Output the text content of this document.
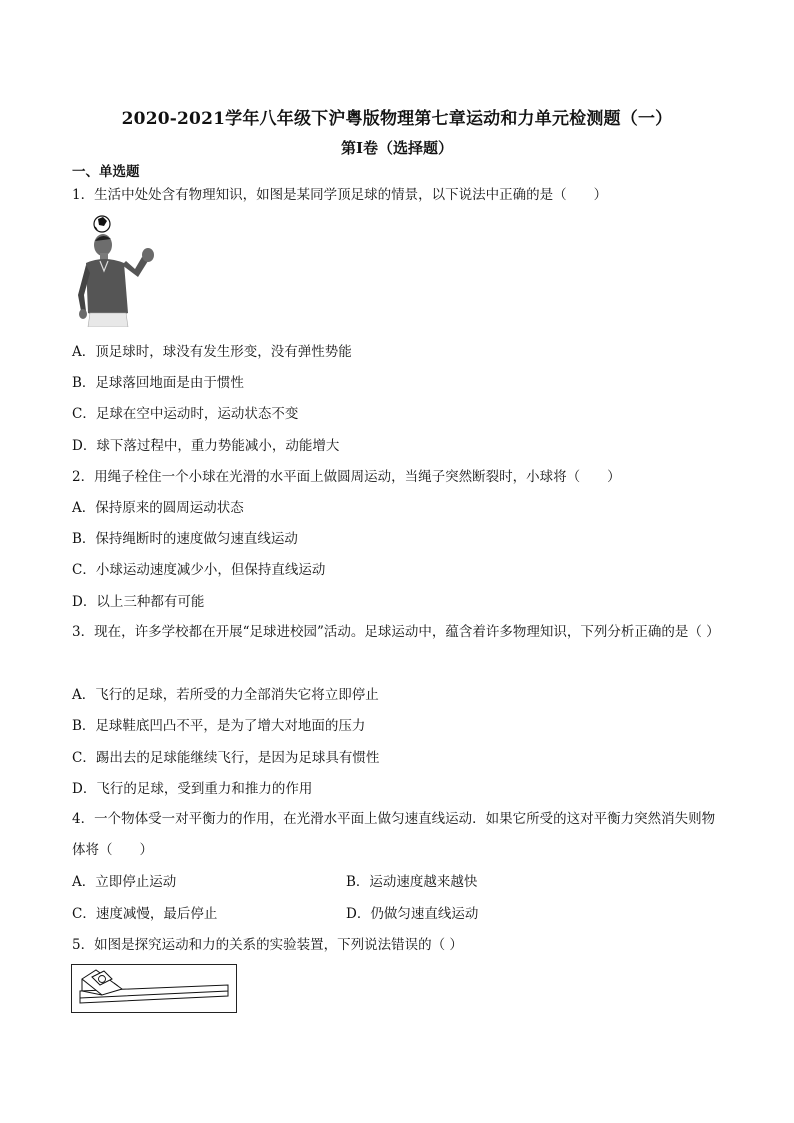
2020-2021学年八年级下沪粤版物理第七章运动和力单元检测题（一）
第I卷（选择题）
一、单选题
1．生活中处处含有物理知识，如图是某同学顶足球的情景，以下说法中正确的是（　　）
A．顶足球时，球没有发生形变，没有弹性势能
B．足球落回地面是由于惯性
C．足球在空中运动时，运动状态不变
D．球下落过程中，重力势能减小，动能增大
2．用绳子栓住一个小球在光滑的水平面上做圆周运动，当绳子突然断裂时，小球将（　　）
A．保持原来的圆周运动状态
B．保持绳断时的速度做匀速直线运动
C．小球运动速度减少小，但保持直线运动
D．以上三种都有可能
3．现在，许多学校都在开展“足球进校园”活动。足球运动中，蕴含着许多物理知识，下列分析正确的是（ ）
A．飞行的足球，若所受的力全部消失它将立即停止
B．足球鞋底凹凸不平，是为了增大对地面的压力
C．踢出去的足球能继续飞行，是因为足球具有惯性
D．飞行的足球，受到重力和推力的作用
4．一个物体受一对平衡力的作用，在光滑水平面上做匀速直线运动．如果它所受的这对平衡力突然消失则物体将（　　）
A．立即停止运动	B．运动速度越来越快
C．速度减慢，最后停止	D．仍做匀速直线运动
5．如图是探究运动和力的关系的实验装置，下列说法错误的（ ）
